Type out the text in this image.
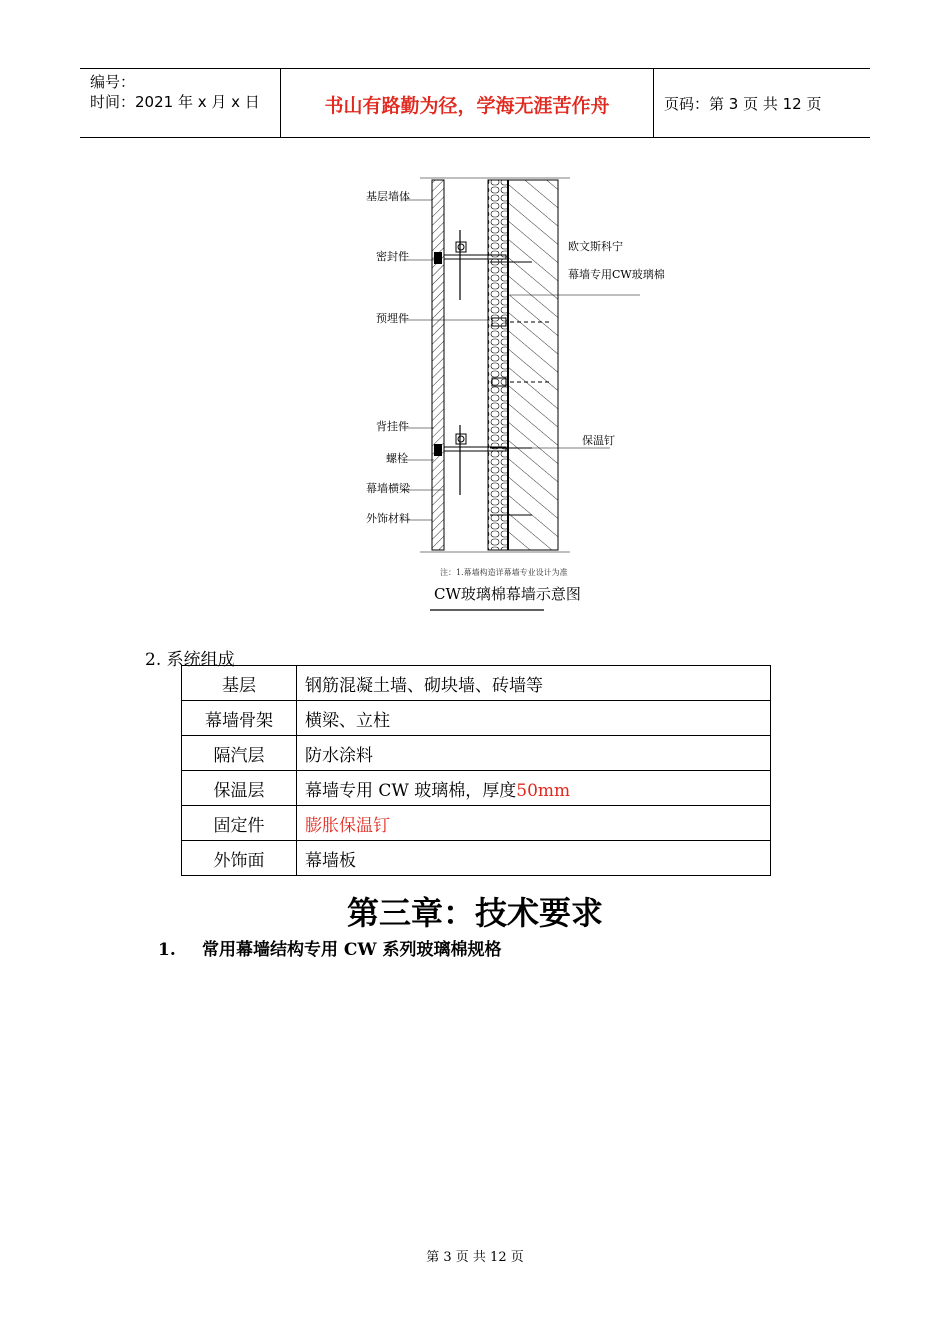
编号：
时间：2021 年 x 月 x 日	书山有路勤为径，学海无涯苦作舟	页码：第 3 页 共 12 页
基层墙体
密封件
预埋件
背挂件
螺栓
幕墙横梁
外饰材料
欧文斯科宁
幕墙专用CW玻璃棉
保温钉
注：1.幕墙构造详幕墙专业设计为准
CW玻璃棉幕墙示意图
2. 系统组成
基层	钢筋混凝土墙、砌块墙、砖墙等
幕墙骨架	横梁、立柱
隔汽层	防水涂料
保温层	幕墙专用 CW 玻璃棉，厚度50mm
固定件	膨胀保温钉
外饰面	幕墙板
第三章：技术要求
1. 常用幕墙结构专用 CW 系列玻璃棉规格
第 3 页 共 12 页
